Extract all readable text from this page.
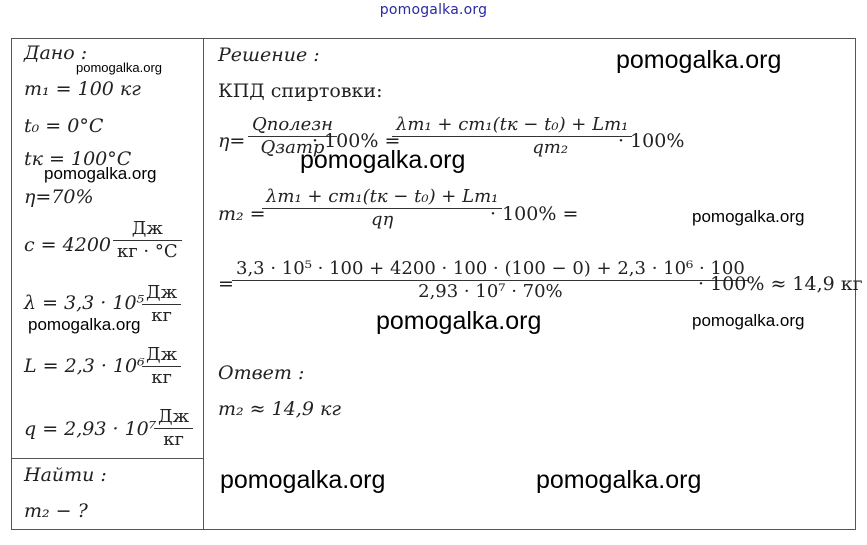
pomogalka.org
Дано :
m₁ = 100 кг
t₀ = 0°C
tк = 100°C
η=70%
c = 4200
Дж
кг · °C
λ = 3,3 · 10⁵ Дж
кг
L = 2,3 · 10⁶
Дж
кг
q = 2,93 · 10⁷
Дж
кг
Найти :
m₂ − ?
Решение :
КПД спиртовки:
η=
Qполезн
Qзатр
· 100% =
λm₁ + cm₁(tк − t₀) + Lm₁
qm₂	· 100%
m₂ =
λm₁ + cm₁(tк − t₀) + Lm₁
qη	· 100% =
=
$\frac{\text{3,3 · 10⁵ · 100 + 4200 · 100 · (100 − 0) + 2,3 · 10⁶ · 100}}{\text{2,93 · 10⁷ · 70\%}}$
· 100% ≈ 14,9 кг
Ответ :
m₂ ≈ 14,9 кг
pomogalka.org
pomogalka.org
pomogalka.org
pomogalka.org
pomogalka.org
pomogalka.org
pomogalka.org	pomogalka.org
pomogalka.org	pomogalka.org
